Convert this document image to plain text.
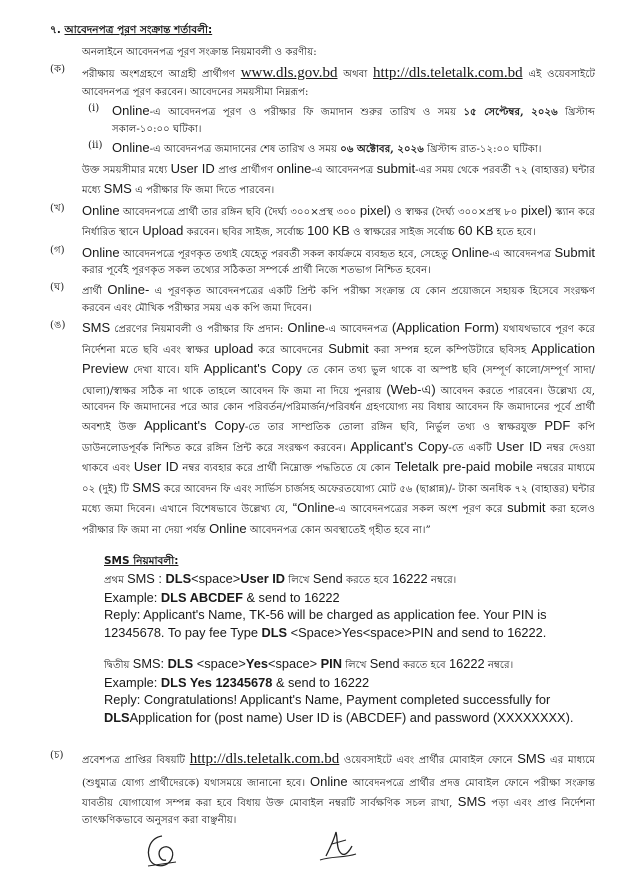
৭. আবেদনপত্র পূরণ সংক্রান্ত শর্তাবলী:
অনলাইনে আবেদনপত্র পূরণ সংক্রান্ত নিয়মাবলী ও করণীয়:
(ক)	পরীক্ষায় অংশগ্রহণে আগ্রহী প্রার্থীগণ www.dls.gov.bd অথবা http://dls.teletalk.com.bd এই ওয়েবসাইটে আবেদনপত্র পূরণ করবেন। আবেদনের সময়সীমা নিম্নরূপ:
(i) Online-এ আবেদনপত্র পূরণ ও পরীক্ষার ফি জমাদান শুরুর তারিখ ও সময় ১৫ সেপ্টেম্বর, ২০২৬ খ্রিস্টাব্দ সকাল-১০:০০ ঘটিকা।
(ii) Online-এ আবেদনপত্র জমাদানের শেষ তারিখ ও সময় ০৬ অক্টোবর, ২০২৬ খ্রিস্টাব্দ রাত-১২:০০ ঘটিকা।
উক্ত সময়সীমার মধ্যে User ID প্রাপ্ত প্রার্থীগণ online-এ আবেদনপত্র submit-এর সময় থেকে পরবর্তী ৭২ (বাহাত্তর) ঘন্টার মধ্যে SMS এ পরীক্ষার ফি জমা দিতে পারবেন।
(খ)	Online আবেদনপত্রে প্রার্থী তার রঙ্গিন ছবি (দৈর্ঘ্য ৩০০×প্রস্থ ৩০০ pixel) ও স্বাক্ষর (দৈর্ঘ্য ৩০০×প্রস্থ ৮০ pixel) স্ক্যান করে নির্ধারিত স্থানে Upload করবেন। ছবির সাইজ, সর্বোচ্চ 100 KB ও স্বাক্ষরের সাইজ সর্বোচ্চ 60 KB হতে হবে।
(গ)	Online আবেদনপত্রে পূরণকৃত তথ্যই যেহেতু পরবর্তী সকল কার্যক্রমে ব্যবহৃত হবে, সেহেতু Online-এ আবেদনপত্র Submit করার পূর্বেই পূরণকৃত সকল তথ্যের সঠিকতা সম্পর্কে প্রার্থী নিজে শতভাগ নিশ্চিত হবেন।
(ঘ)	প্রার্থী Online- এ পূরণকৃত আবেদনপত্রের একটি প্রিন্ট কপি পরীক্ষা সংক্রান্ত যে কোন প্রয়োজনে সহায়ক হিসেবে সংরক্ষণ করবেন এবং মৌখিক পরীক্ষার সময় এক কপি জমা দিবেন।
(ঙ)	SMS প্রেরণের নিয়মাবলী ও পরীক্ষার ফি প্রদান: Online-এ আবেদনপত্র (Application Form) যথাযথভাবে পূরণ করে নির্দেশনা মতে ছবি এবং স্বাক্ষর upload করে আবেদনের Submit করা সম্পন্ন হলে কম্পিউটারে ছবিসহ Application Preview দেখা যাবে। যদি Applicant's Copy তে কোন তথ্য ভুল থাকে বা অস্পষ্ট ছবি (সম্পূর্ণ কালো/সম্পূর্ণ সাদা/ঘোলা)/স্বাক্ষর সঠিক না থাকে তাহলে আবেদন ফি জমা না দিয়ে পুনরায় (Web-এ) আবেদন করতে পারবেন। উল্লেখ্য যে, আবেদন ফি জমাদানের পরে আর কোন পরিবর্তন/পরিমার্জন/পরিবর্ধন গ্রহণযোগ্য নয় বিধায় আবেদন ফি জমাদানের পূর্বে প্রার্থী অবশ্যই উক্ত Applicant's Copy-তে তার সাম্প্রতিক তোলা রঙ্গিন ছবি, নির্ভুল তথ্য ও স্বাক্ষরযুক্ত PDF কপি ডাউনলোডপূর্বক নিশ্চিত করে রঙ্গিন প্রিন্ট করে সংরক্ষণ করবেন। Applicant's Copy-তে একটি User ID নম্বর দেওয়া থাকবে এবং User ID নম্বর ব্যবহার করে প্রার্থী নিম্নোক্ত পদ্ধতিতে যে কোন Teletalk pre-paid mobile নম্বরের মাধ্যমে ০২ (দুই) টি SMS করে আবেদন ফি এবং সার্ভিস চার্জসহ অফেরতযোগ্য মোট ৫৬ (ছাপ্পান্ন)/- টাকা অনধিক ৭২ (বাহাত্তর) ঘন্টার মধ্যে জমা দিবেন। এখানে বিশেষভাবে উল্লেখ্য যে, “Online-এ আবেদনপত্রের সকল অংশ পূরণ করে submit করা হলেও পরীক্ষার ফি জমা না দেয়া পর্যন্ত Online আবেদনপত্র কোন অবস্থাতেই গৃহীত হবে না।”
SMS নিয়মাবলী:
প্রথম SMS : DLS<space>User ID লিখে Send করতে হবে 16222 নম্বরে।
Example: DLS ABCDEF & send to 16222
Reply: Applicant's Name, TK-56 will be charged as application fee. Your PIN is 12345678. To pay fee Type DLS <Space>Yes<space>PIN and send to 16222.
দ্বিতীয় SMS: DLS <space>Yes<space> PIN লিখে Send করতে হবে 16222 নম্বরে।
Example: DLS Yes 12345678 & send to 16222
Reply: Congratulations! Applicant's Name, Payment completed successfully for DLSApplication for (post name) User ID is (ABCDEF) and password (XXXXXXXX).
(চ)	প্রবেশপত্র প্রাপ্তির বিষয়টি http://dls.teletalk.com.bd ওয়েবসাইটে এবং প্রার্থীর মোবাইল ফোনে SMS এর মাধ্যমে (শুধুমাত্র যোগ্য প্রার্থীদেরকে) যথাসময়ে জানানো হবে। Online আবেদনপত্রে প্রার্থীর প্রদত্ত মোবাইল ফোনে পরীক্ষা সংক্রান্ত যাবতীয় যোগাযোগ সম্পন্ন করা হবে বিধায় উক্ত মোবাইল নম্বরটি সার্বক্ষণিক সচল রাখা, SMS পড়া এবং প্রাপ্ত নির্দেশনা তাৎক্ষণিকভাবে অনুসরণ করা বাঞ্ছনীয়।
